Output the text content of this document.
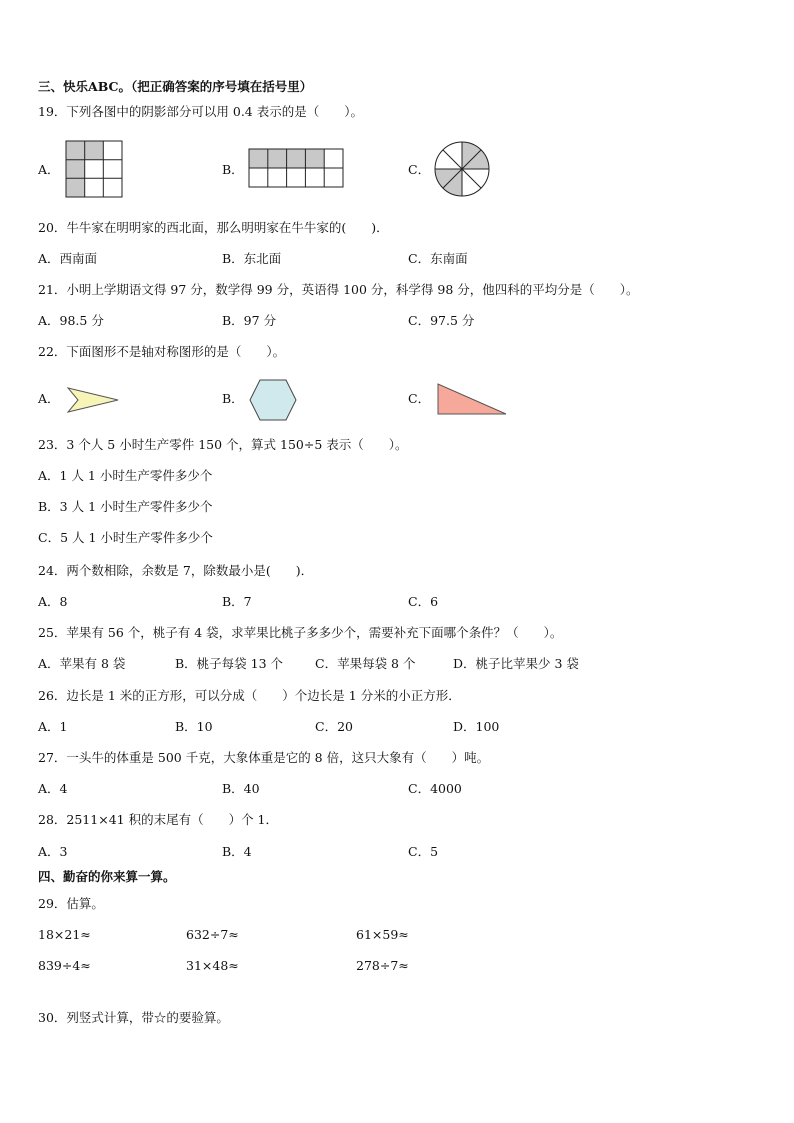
三、快乐ABC。（把正确答案的序号填在括号里）
19．下列各图中的阴影部分可以用 0.4 表示的是（　　）。
A．	B．	C．
20．牛牛家在明明家的西北面，那么明明家在牛牛家的(　　)．
A．西南面	B．东北面	C．东南面
21．小明上学期语文得 97 分，数学得 99 分，英语得 100 分，科学得 98 分，他四科的平均分是（　　）。
A．98.5 分	B．97 分	C．97.5 分
22．下面图形不是轴对称图形的是（　　）。
A．	B．	C．
23．3 个人 5 小时生产零件 150 个，算式 150÷5 表示（　　）。
A．1 人 1 小时生产零件多少个
B．3 人 1 小时生产零件多少个
C．5 人 1 小时生产零件多少个
24．两个数相除，余数是 7，除数最小是(　　)．
A．8	B．7	C．6
25．苹果有 56 个，桃子有 4 袋，求苹果比桃子多多少个，需要补充下面哪个条件？（　　）。
A．苹果有 8 袋	B．桃子每袋 13 个	C．苹果每袋 8 个	D．桃子比苹果少 3 袋
26．边长是 1 米的正方形，可以分成（　　）个边长是 1 分米的小正方形．
A．1	B．10	C．20	D．100
27．一头牛的体重是 500 千克，大象体重是它的 8 倍，这只大象有（　　）吨。
A．4	B．40	C．4000
28．2511×41 积的末尾有（　　）个 1．
A．3	B．4	C．5
四、勤奋的你来算一算。
29．估算。
18×21≈	632÷7≈	61×59≈
839÷4≈	31×48≈	278÷7≈
30．列竖式计算，带☆的要验算。
